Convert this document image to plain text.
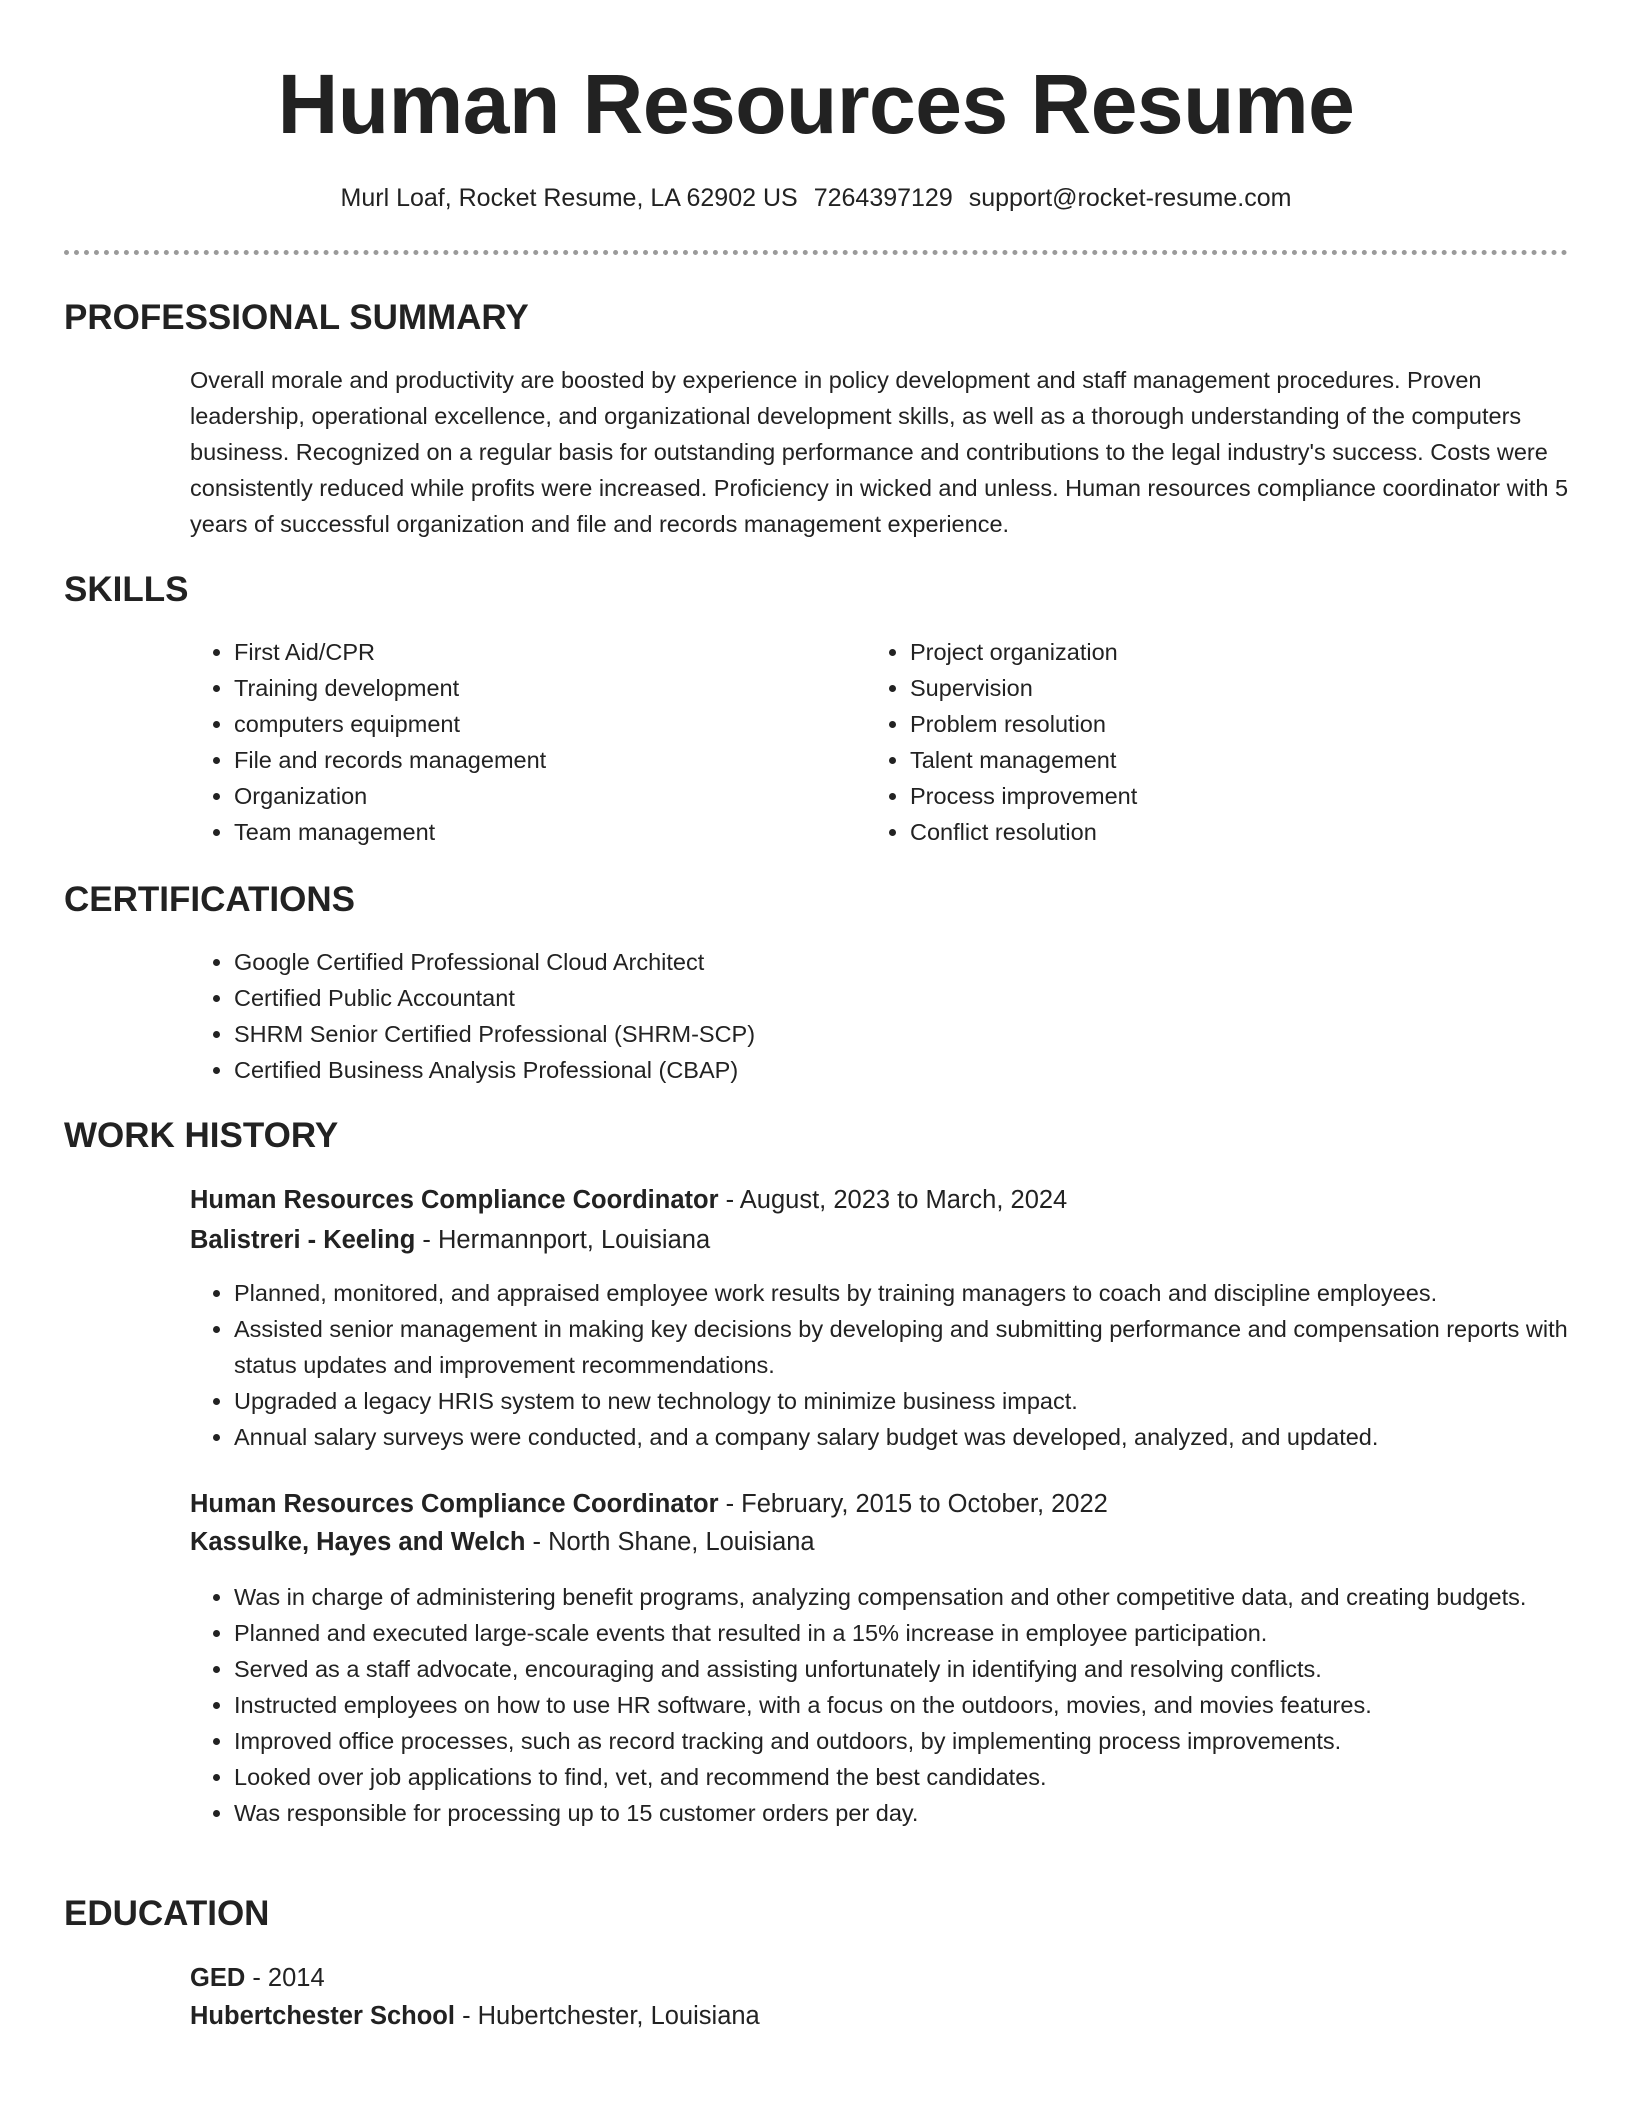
Human Resources Resume
Murl Loaf, Rocket Resume, LA 62902 US 7264397129 support@rocket-resume.com
PROFESSIONAL SUMMARY

Overall morale and productivity are boosted by experience in policy development and staff management procedures. Proven leadership, operational excellence, and organizational development skills, as well as a thorough understanding of the computers business. Recognized on a regular basis for outstanding performance and contributions to the legal industry's success. Costs were consistently reduced while profits were increased. Proficiency in wicked and unless. Human resources compliance coordinator with 5 years of successful organization and file and records management experience.

SKILLS
• First Aid/CPR
• Training development
• computers equipment
• File and records management
• Organization
• Team management
• Project organization
• Supervision
• Problem resolution
• Talent management
• Process improvement
• Conflict resolution
CERTIFICATIONS
• Google Certified Professional Cloud Architect
• Certified Public Accountant
• SHRM Senior Certified Professional (SHRM-SCP)
• Certified Business Analysis Professional (CBAP)
WORK HISTORY
Human Resources Compliance Coordinator - August, 2023 to March, 2024
Balistreri - Keeling - Hermannport, Louisiana
• Planned, monitored, and appraised employee work results by training managers to coach and discipline employees.
• Assisted senior management in making key decisions by developing and submitting performance and compensation reports with status updates and improvement recommendations.
• Upgraded a legacy HRIS system to new technology to minimize business impact.
• Annual salary surveys were conducted, and a company salary budget was developed, analyzed, and updated.
Human Resources Compliance Coordinator - February, 2015 to October, 2022
Kassulke, Hayes and Welch - North Shane, Louisiana
• Was in charge of administering benefit programs, analyzing compensation and other competitive data, and creating budgets.
• Planned and executed large-scale events that resulted in a 15% increase in employee participation.
• Served as a staff advocate, encouraging and assisting unfortunately in identifying and resolving conflicts.
• Instructed employees on how to use HR software, with a focus on the outdoors, movies, and movies features.
• Improved office processes, such as record tracking and outdoors, by implementing process improvements.
• Looked over job applications to find, vet, and recommend the best candidates.
• Was responsible for processing up to 15 customer orders per day.
EDUCATION
GED - 2014
Hubertchester School - Hubertchester, Louisiana
